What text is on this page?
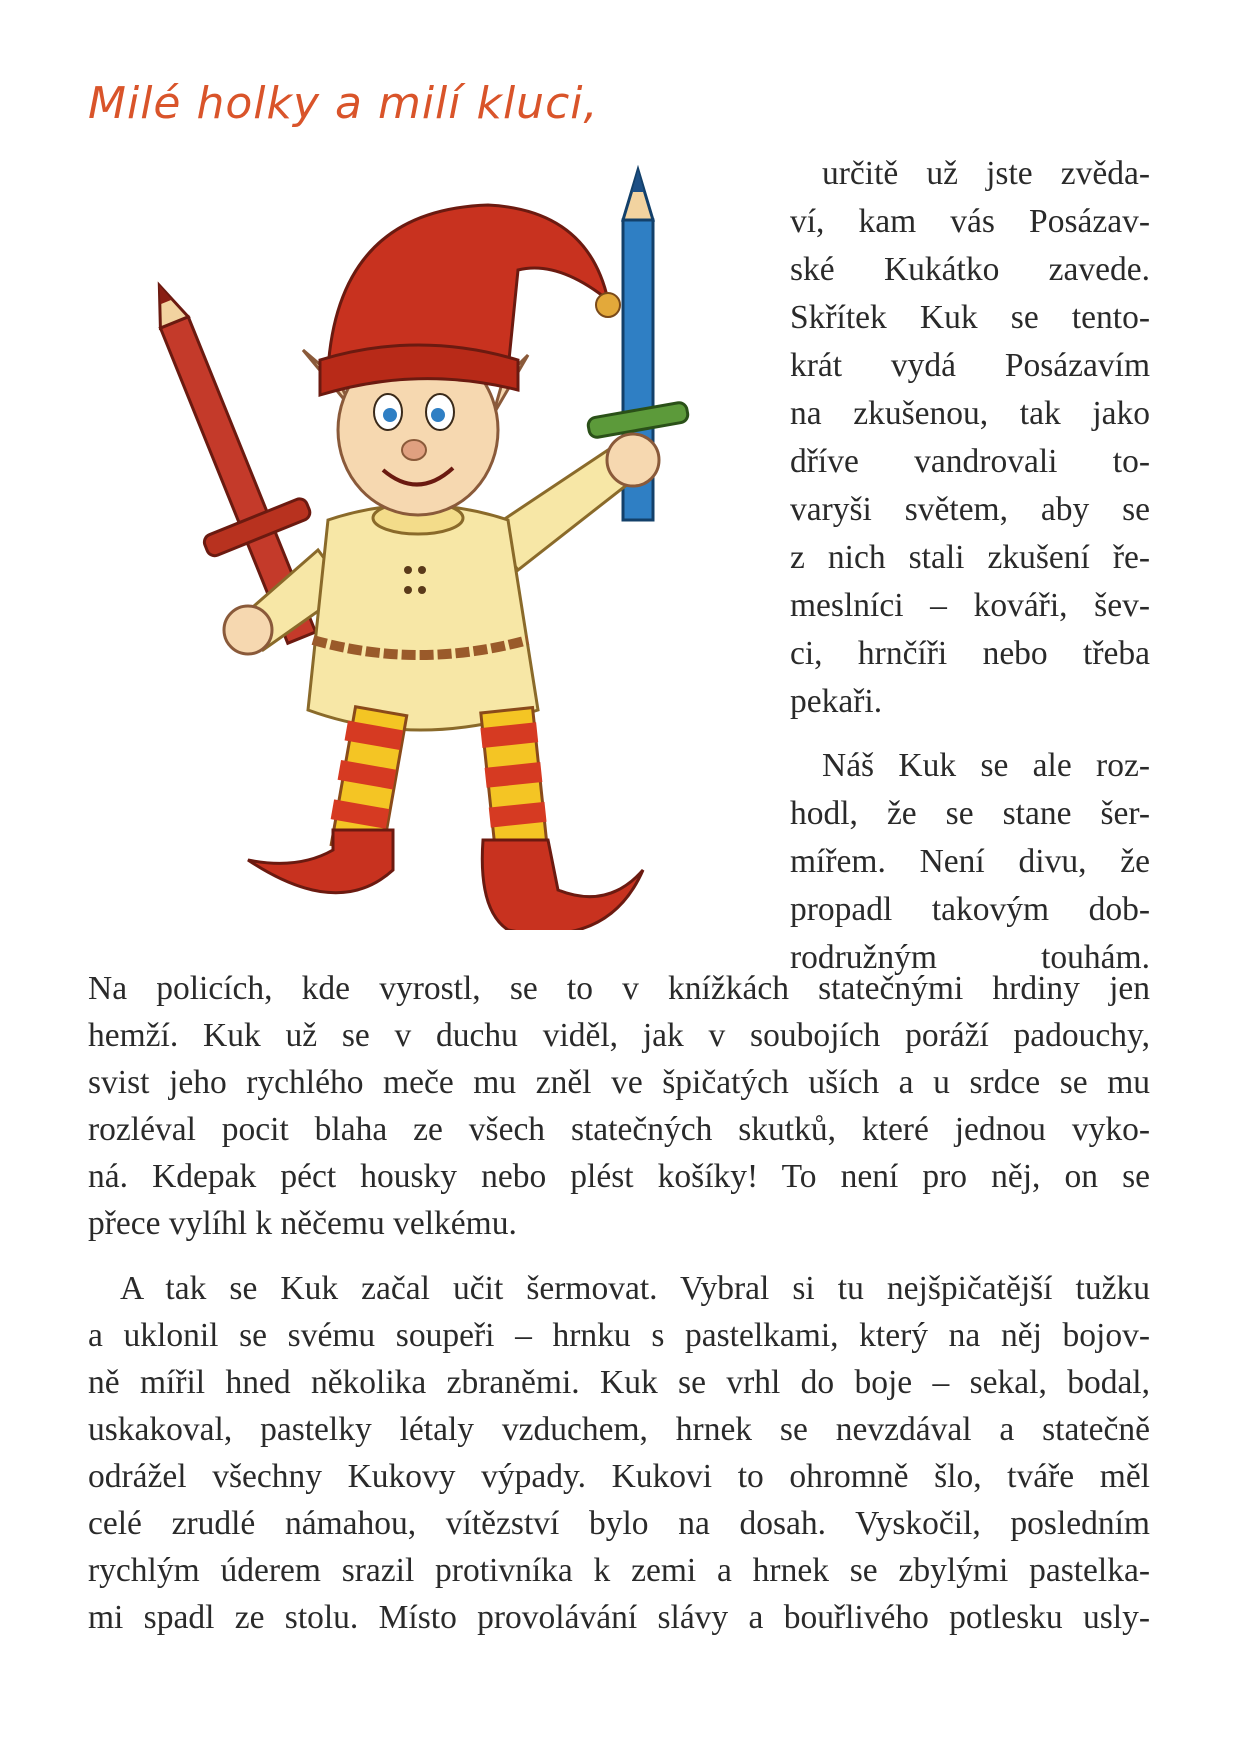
Milé holky a milí kluci,
určitě už jste zvěda-
ví, kam vás Posázav-
ské Kukátko zavede.
Skřítek Kuk se tento-
krát vydá Posázavím
na zkušenou, tak jako
dříve vandrovali to-
varyši světem, aby se
z nich stali zkušení ře-
meslníci – kováři, šev-
ci, hrnčíři nebo třeba
pekaři.
Náš Kuk se ale roz-
hodl, že se stane šer-
mířem. Není divu, že
propadl takovým dob-
rodružným touhám.
Na policích, kde vyrostl, se to v knížkách statečnými hrdiny jen
hemží. Kuk už se v duchu viděl, jak v soubojích poráží padouchy,
svist jeho rychlého meče mu zněl ve špičatých uších a u srdce se mu
rozléval pocit blaha ze všech statečných skutků, které jednou vyko-
ná. Kdepak péct housky nebo plést košíky! To není pro něj, on se
přece vylíhl k něčemu velkému.
A tak se Kuk začal učit šermovat. Vybral si tu nejšpičatější tužku
a uklonil se svému soupeři – hrnku s pastelkami, který na něj bojov-
ně mířil hned několika zbraněmi. Kuk se vrhl do boje – sekal, bodal,
uskakoval, pastelky létaly vzduchem, hrnek se nevzdával a statečně
odrážel všechny Kukovy výpady. Kukovi to ohromně šlo, tváře měl
celé zrudlé námahou, vítězství bylo na dosah. Vyskočil, posledním
rychlým úderem srazil protivníka k zemi a hrnek se zbylými pastelka-
mi spadl ze stolu. Místo provolávání slávy a bouřlivého potlesku usly-
